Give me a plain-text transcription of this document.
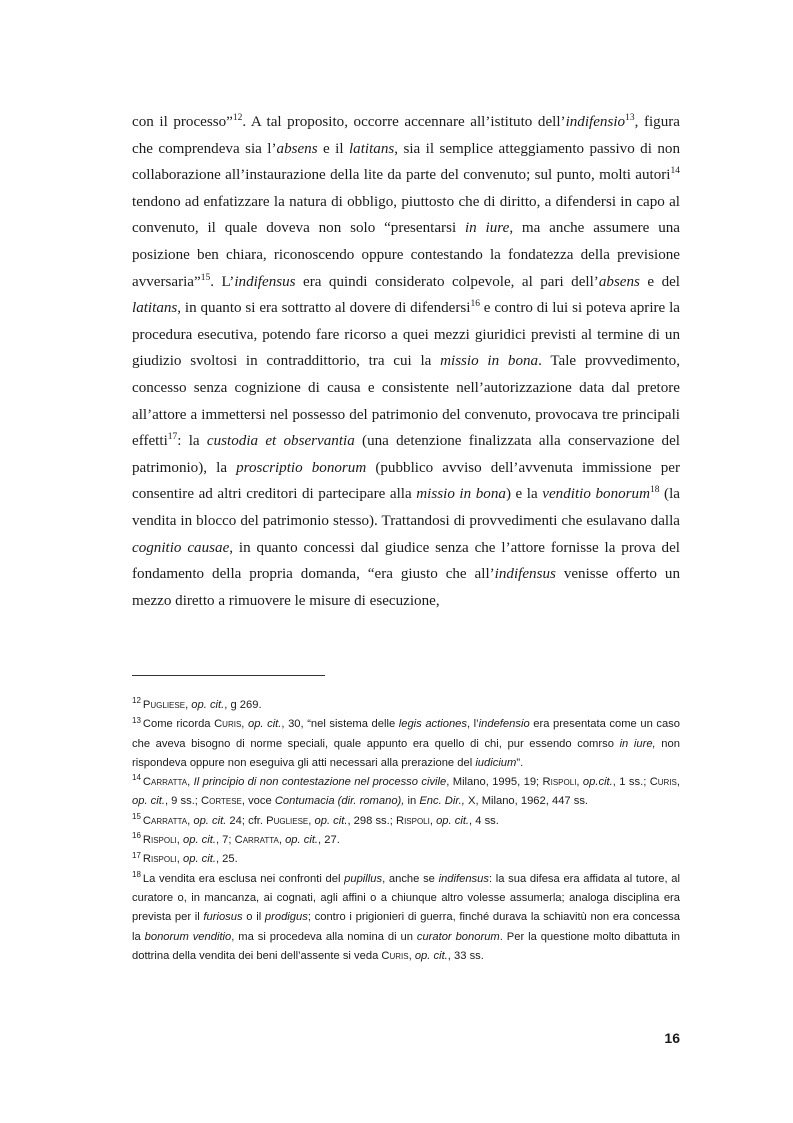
con il processo”$^{12}$. A tal proposito, occorre accennare all’istituto dell’indifensio$^{13}$, figura che comprendeva sia l’absens e il latitans, sia il semplice atteggiamento passivo di non collaborazione all’instaurazione della lite da parte del convenuto; sul punto, molti autori$^{14}$ tendono ad enfatizzare la natura di obbligo, piuttosto che di diritto, a difendersi in capo al convenuto, il quale doveva non solo “presentarsi in iure, ma anche assumere una posizione ben chiara, riconoscendo oppure contestando la fondatezza della previsione avversaria”$^{15}$. L’indifensus era quindi considerato colpevole, al pari dell’absens e del latitans, in quanto si era sottratto al dovere di difendersi$^{16}$ e contro di lui si poteva aprire la procedura esecutiva, potendo fare ricorso a quei mezzi giuridici previsti al termine di un giudizio svoltosi in contraddittorio, tra cui la missio in bona. Tale provvedimento, concesso senza cognizione di causa e consistente nell’autorizzazione data dal pretore all’attore a immettersi nel possesso del patrimonio del convenuto, provocava tre principali effetti$^{17}$: la custodia et observantia (una detenzione finalizzata alla conservazione del patrimonio), la proscriptio bonorum (pubblico avviso dell’avvenuta immissione per consentire ad altri creditori di partecipare alla missio in bona) e la venditio bonorum$^{18}$ (la vendita in blocco del patrimonio stesso). Trattandosi di provvedimenti che esulavano dalla cognitio causae, in quanto concessi dal giudice senza che l’attore fornisse la prova del fondamento della propria domanda, “era giusto che all’indifensus venisse offerto un mezzo diretto a rimuovere le misure di esecuzione,

$^{12}$ Pugliese, op. cit., g 269.

$^{13}$ Come ricorda Curis, op. cit., 30, “nel sistema delle legis actiones, l’indefensio era presentata come un caso che aveva bisogno di norme speciali, quale appunto era quello di chi, pur essendo comrso in iure, non rispondeva oppure non eseguiva gli atti necessari alla prerazione del iudicium”.

$^{14}$ Carratta, Il principio di non contestazione nel processo civile, Milano, 1995, 19; Rispoli, op.cit., 1 ss.; Curis, op. cit., 9 ss.; Cortese, voce Contumacia (dir. romano), in Enc. Dir., X, Milano, 1962, 447 ss.

$^{15}$ Carratta, op. cit. 24; cfr. Pugliese, op. cit., 298 ss.; Rispoli, op. cit., 4 ss.

$^{16}$ Rispoli, op. cit., 7; Carratta, op. cit., 27.

$^{17}$ Rispoli, op. cit., 25.

$^{18}$ La vendita era esclusa nei confronti del pupillus, anche se indifensus: la sua difesa era affidata al tutore, al curatore o, in mancanza, ai cognati, agli affini o a chiunque altro volesse assumerla; analoga disciplina era prevista per il furiosus o il prodigus; contro i prigionieri di guerra, finché durava la schiavitù non era concessa la bonorum venditio, ma si procedeva alla nomina di un curator bonorum. Per la questione molto dibattuta in dottrina della vendita dei beni dell’assente si veda Curis, op. cit., 33 ss.

16
